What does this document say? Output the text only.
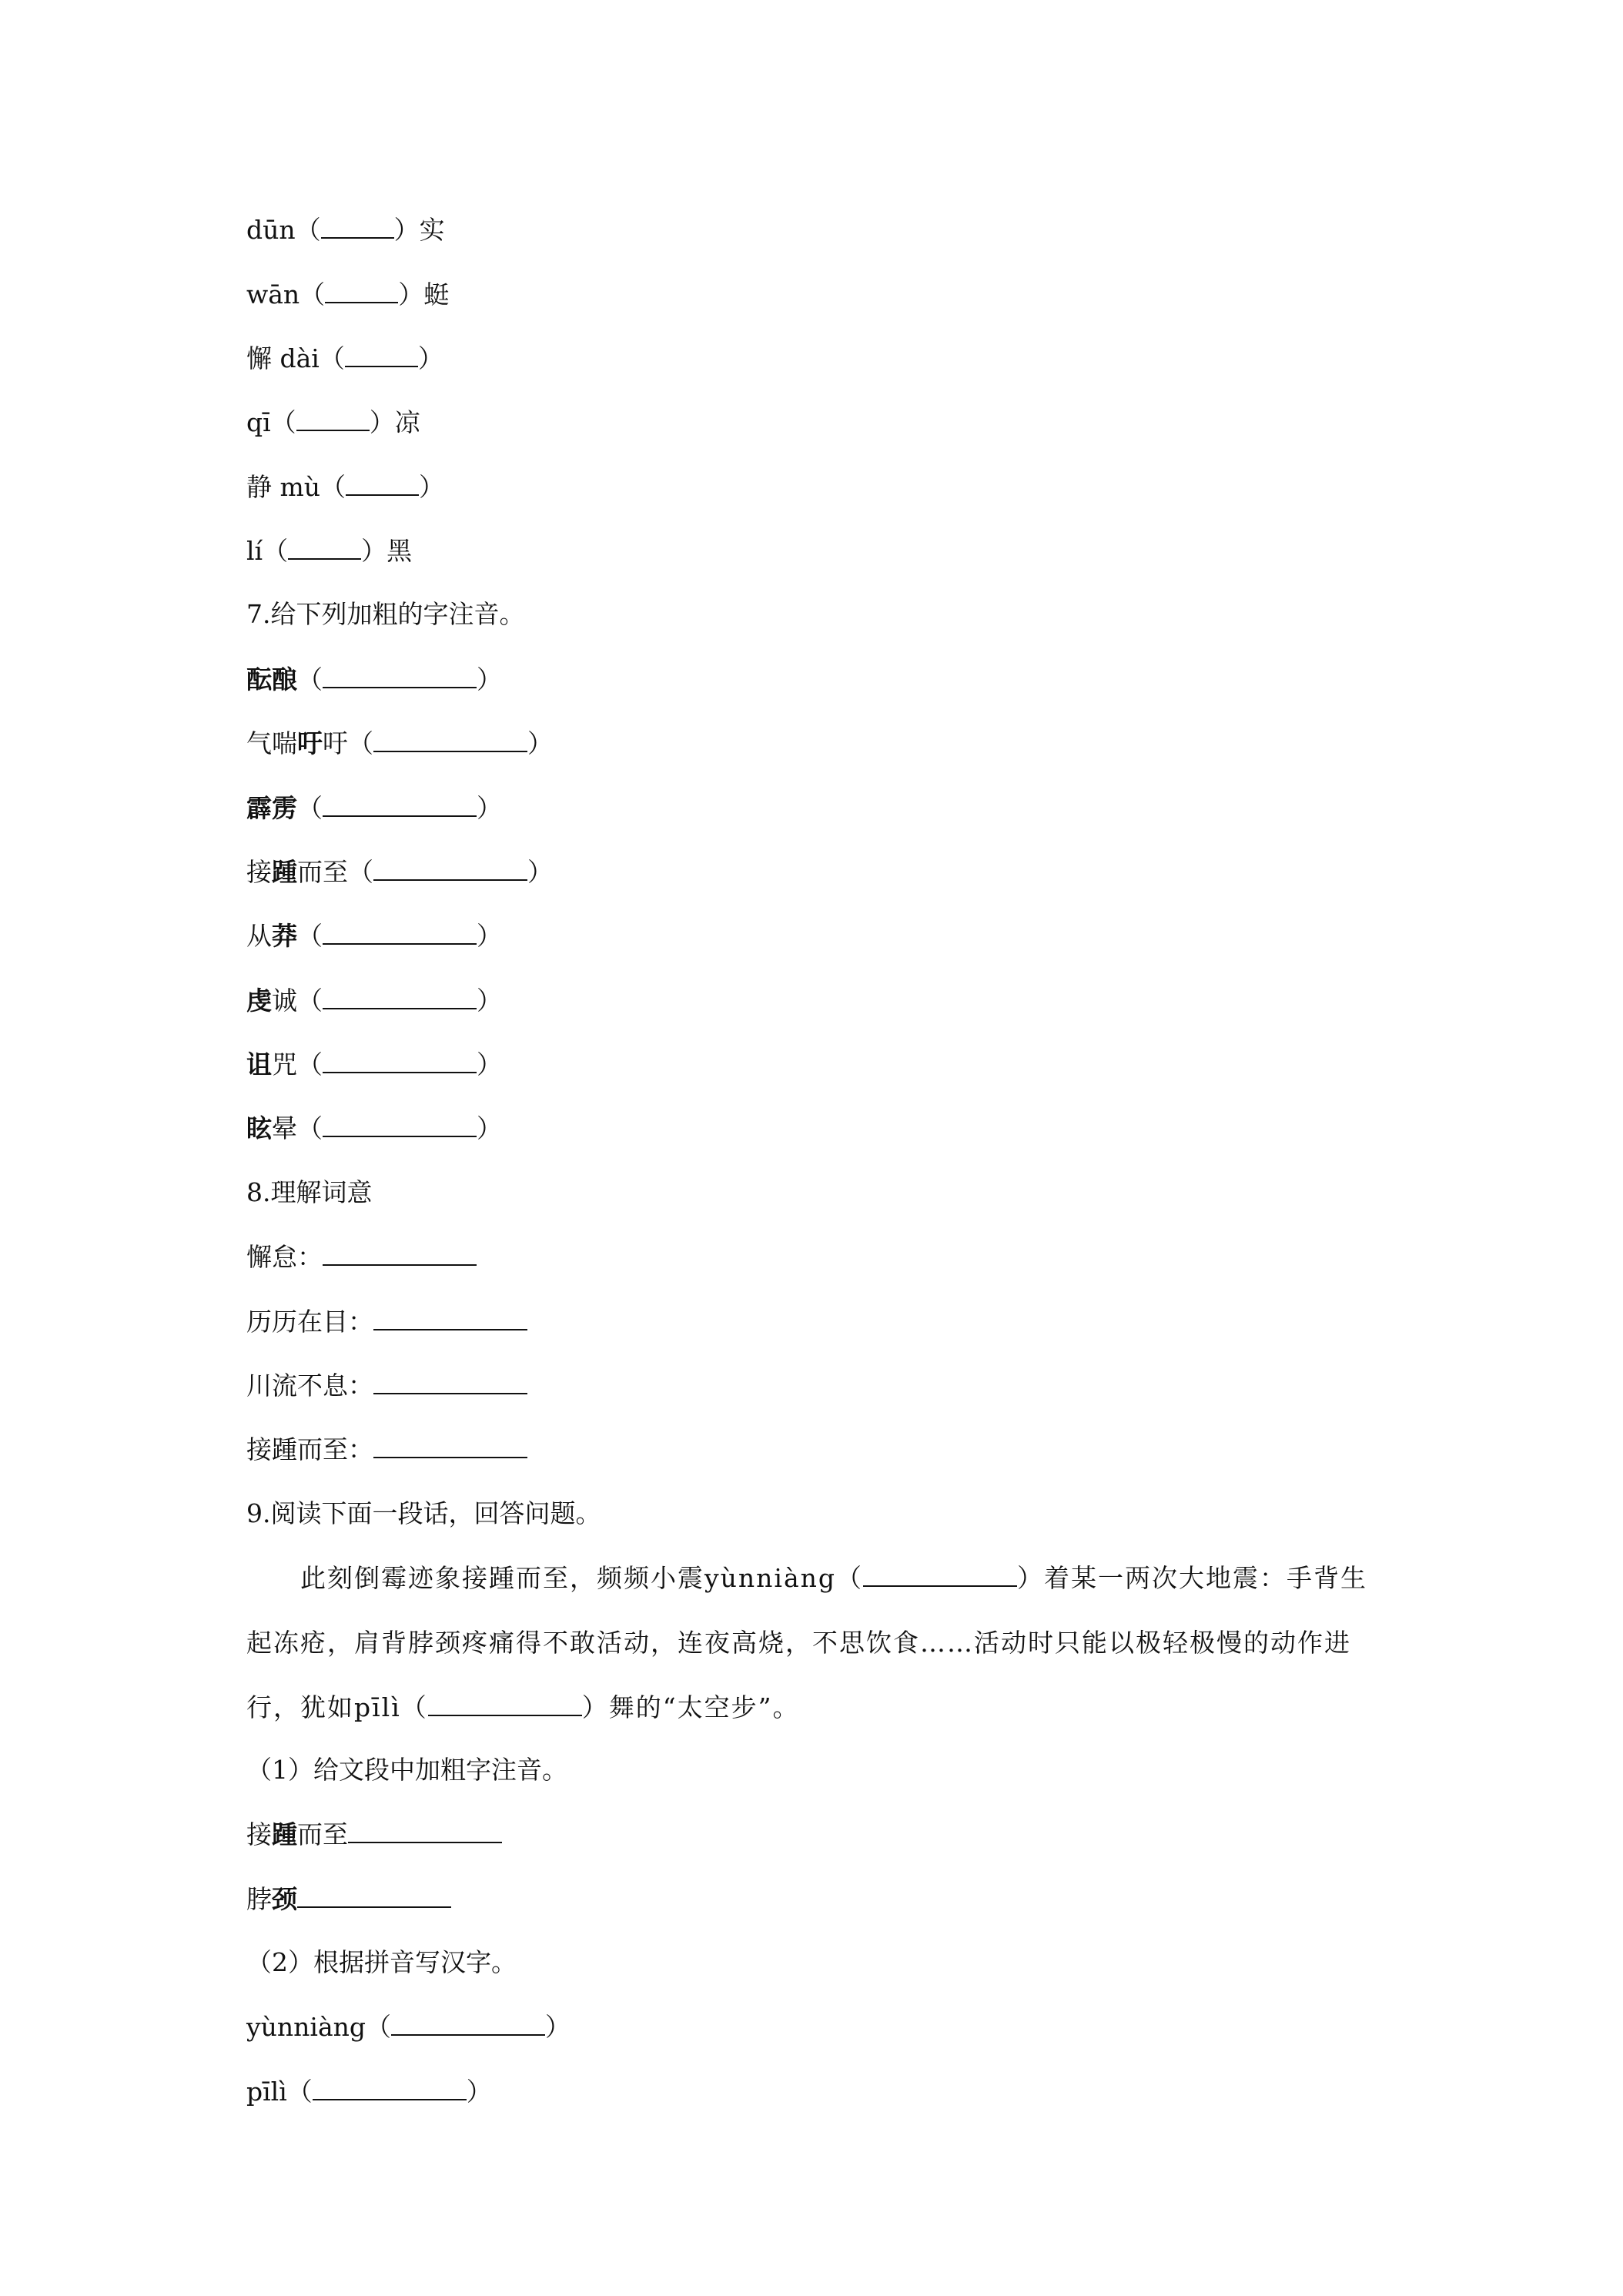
dūn（	）实
wān（	）蜓
懈 dài（	）
qī（	）凉
静 mù（	）
lí（	）黑
7.给下列加粗的字注音。
酝酿（	）
气喘吁吁（	）
霹雳（	）
接踵而至（	）
从莽（	）
虔诚（	）
诅咒（	）
眩晕（	）
8.理解词意
懈怠：
历历在目：
川流不息：
接踵而至：
9.阅读下面一段话，回答问题。
此刻倒霉迹象接踵而至，频频小震yùnniàng（	）着某一两次大地震：手背生起冻疮，肩背脖颈疼痛得不敢活动，连夜高烧，不思饮食……活动时只能以极轻极慢的动作进行，犹如pīlì（	）舞的“太空步”。
（1）给文段中加粗字注音。
接踵而至
脖颈
（2）根据拼音写汉字。
yùnniàng（	）
pīlì（	）
